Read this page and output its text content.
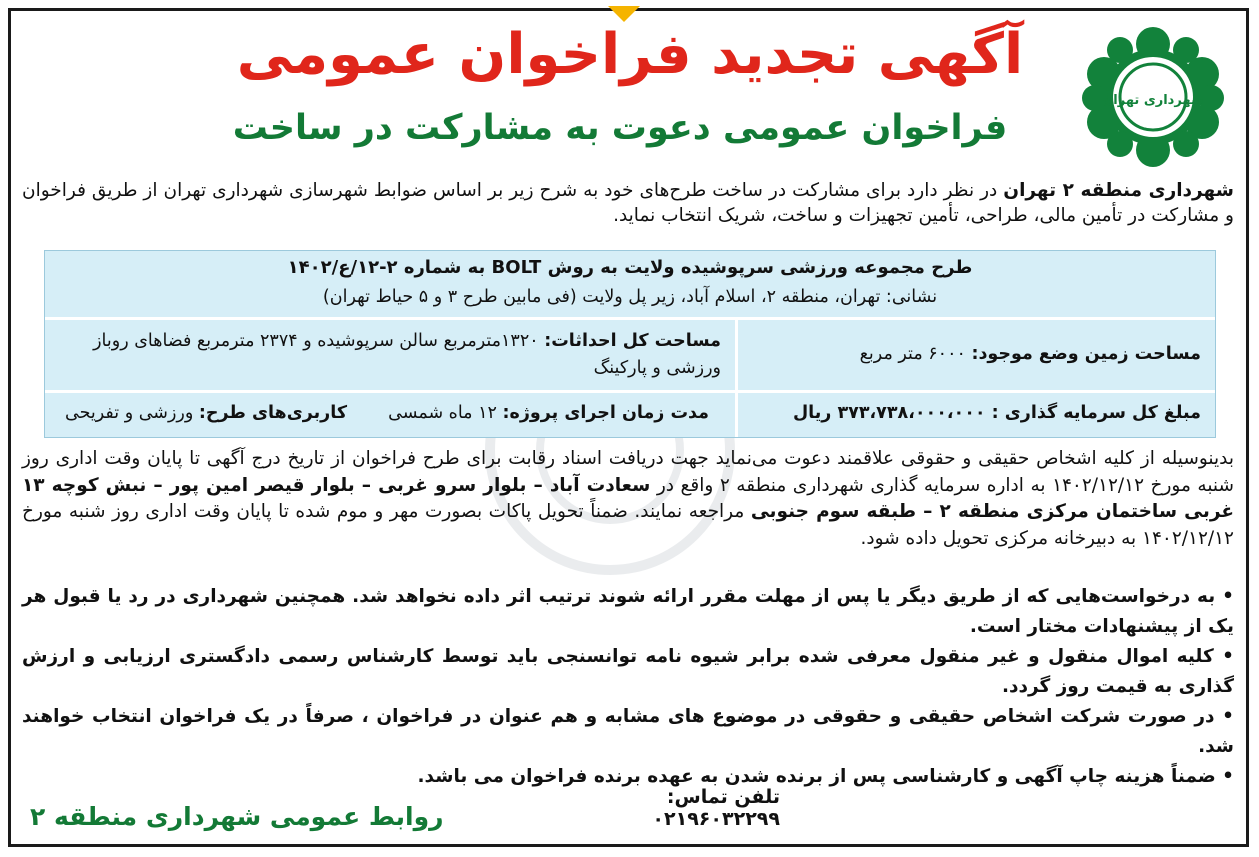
شهرداری تهران
آگهی تجدید فراخوان عمومی
فراخوان عمومی دعوت به مشارکت در ساخت
شهرداری منطقه ۲ تهران در نظر دارد برای مشارکت در ساخت طرح‌های خود به شرح زیر بر اساس ضوابط شهرسازی شهرداری تهران از طریق فراخوان و مشارکت در تأمین مالی، طراحی، تأمین تجهیزات و ساخت، شریک انتخاب نماید.
طرح مجموعه ورزشی سرپوشیده ولایت به روش BOLT به شماره ۲-۱۲/ع/۱۴۰۲
نشانی: تهران، منطقه ۲، اسلام آباد، زیر پل ولایت (فی مابین طرح ۳ و ۵ حیاط تهران)
مساحت زمین وضع موجود: ۶۰۰۰ متر مربع
مساحت کل احداثات: ۱۳۲۰مترمربع سالن سرپوشیده و ۲۳۷۴ مترمربع فضاهای روباز ورزشی و پارکینگ
مبلغ کل سرمایه گذاری : ۳۷۳،۷۳۸،۰۰۰،۰۰۰ ریال
مدت زمان اجرای پروژه: ۱۲ ماه شمسی
کاربری‌های طرح: ورزشی و تفریحی
بدینوسیله از کلیه اشخاص حقیقی و حقوقی علاقمند دعوت می‌نماید جهت دریافت اسناد رقابت برای طرح فراخوان از تاریخ درج آگهی تا پایان وقت اداری روز شنبه مورخ ۱۴۰۲/۱۲/۱۲ به اداره سرمایه گذاری شهرداری منطقه ۲ واقع در سعادت آباد – بلوار سرو غربی – بلوار قیصر امین پور – نبش کوچه ۱۳ غربی ساختمان مرکزی منطقه ۲ – طبقه سوم جنوبی مراجعه نمایند. ضمناً تحویل پاکات بصورت مهر و موم شده تا پایان وقت اداری روز شنبه مورخ ۱۴۰۲/۱۲/۱۲ به دبیرخانه مرکزی تحویل داده شود.

• به درخواست‌هایی که از طریق دیگر یا پس از مهلت مقرر ارائه شوند ترتیب اثر داده نخواهد شد. همچنین شهرداری در رد یا قبول هر یک از پیشنهادات مختار است.

• کلیه اموال منقول و غیر منقول معرفی شده برابر شیوه نامه توانسنجی باید توسط کارشناس رسمی دادگستری ارزیابی و ارزش گذاری به قیمت روز گردد.

• در صورت شرکت اشخاص حقیقی و حقوقی در موضوع های مشابه و هم عنوان در فراخوان ، صرفاً در یک فراخوان انتخاب خواهند شد.

• ضمناً هزینه چاپ آگهی و کارشناسی پس از برنده شدن به عهده برنده فراخوان می باشد.

تلفن تماس: ۰۲۱۹۶۰۳۲۲۹۹
روابط عمومی شهرداری منطقه ۲
